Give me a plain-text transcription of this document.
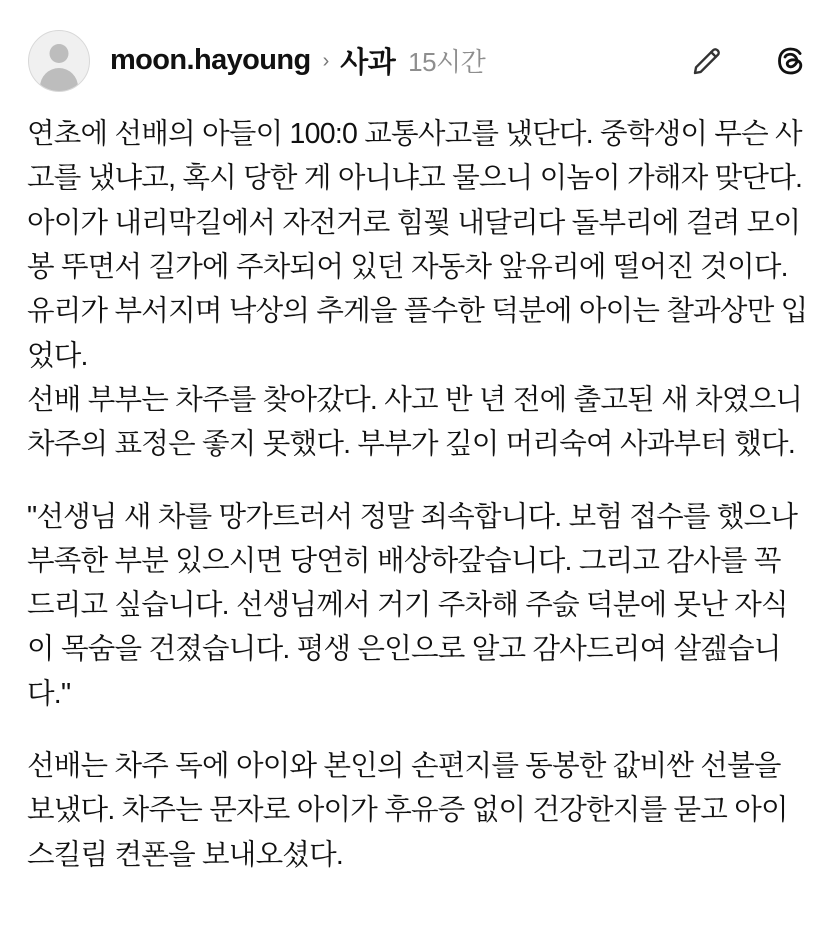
moon.hayoung › 사과 15시간

연초에 선배의 아들이 100:0 교통사고를 냈단다. 중학생이 무슨 사고를 냈냐고, 혹시 당한 게 아니냐고 물으니 이놈이 가해자 맞단다. 아이가 내리막길에서 자전거로 힘꾗 내달리다 돌부리에 걸려 모이 봉 뚜면서 길가에 주차되어 있던 자동차 앞유리에 떨어진 것이다. 유리가 부서지며 낙상의 추게을 플수한 덕분에 아이는 찰과상만 입었다.

선배 부부는 차주를 찾아갔다. 사고 반 년 전에 출고된 새 차였으니 차주의 표정은 좋지 못했다. 부부가 깊이 머리숙여 사과부터 했다.

"선생님 새 차를 망가트러서 정말 죄속합니다. 보험 접수를 했으나 부족한 부분 있으시면 당연히 배상하갚습니다. 그리고 감사를 꼭 드리고 싶습니다. 선생님께서 거기 주차해 주슰 덕분에 못난 자식이 목숨을 건졌습니다. 평생 은인으로 알고 감사드리여 살겚습니다."

선배는 차주 독에 아이와 본인의 손편지를 동봉한 값비싼 선불을 보냈다. 차주는 문자로 아이가 후유증 없이 건강한지를 묻고 아이스킬림 켠폰을 보내오셨다.
